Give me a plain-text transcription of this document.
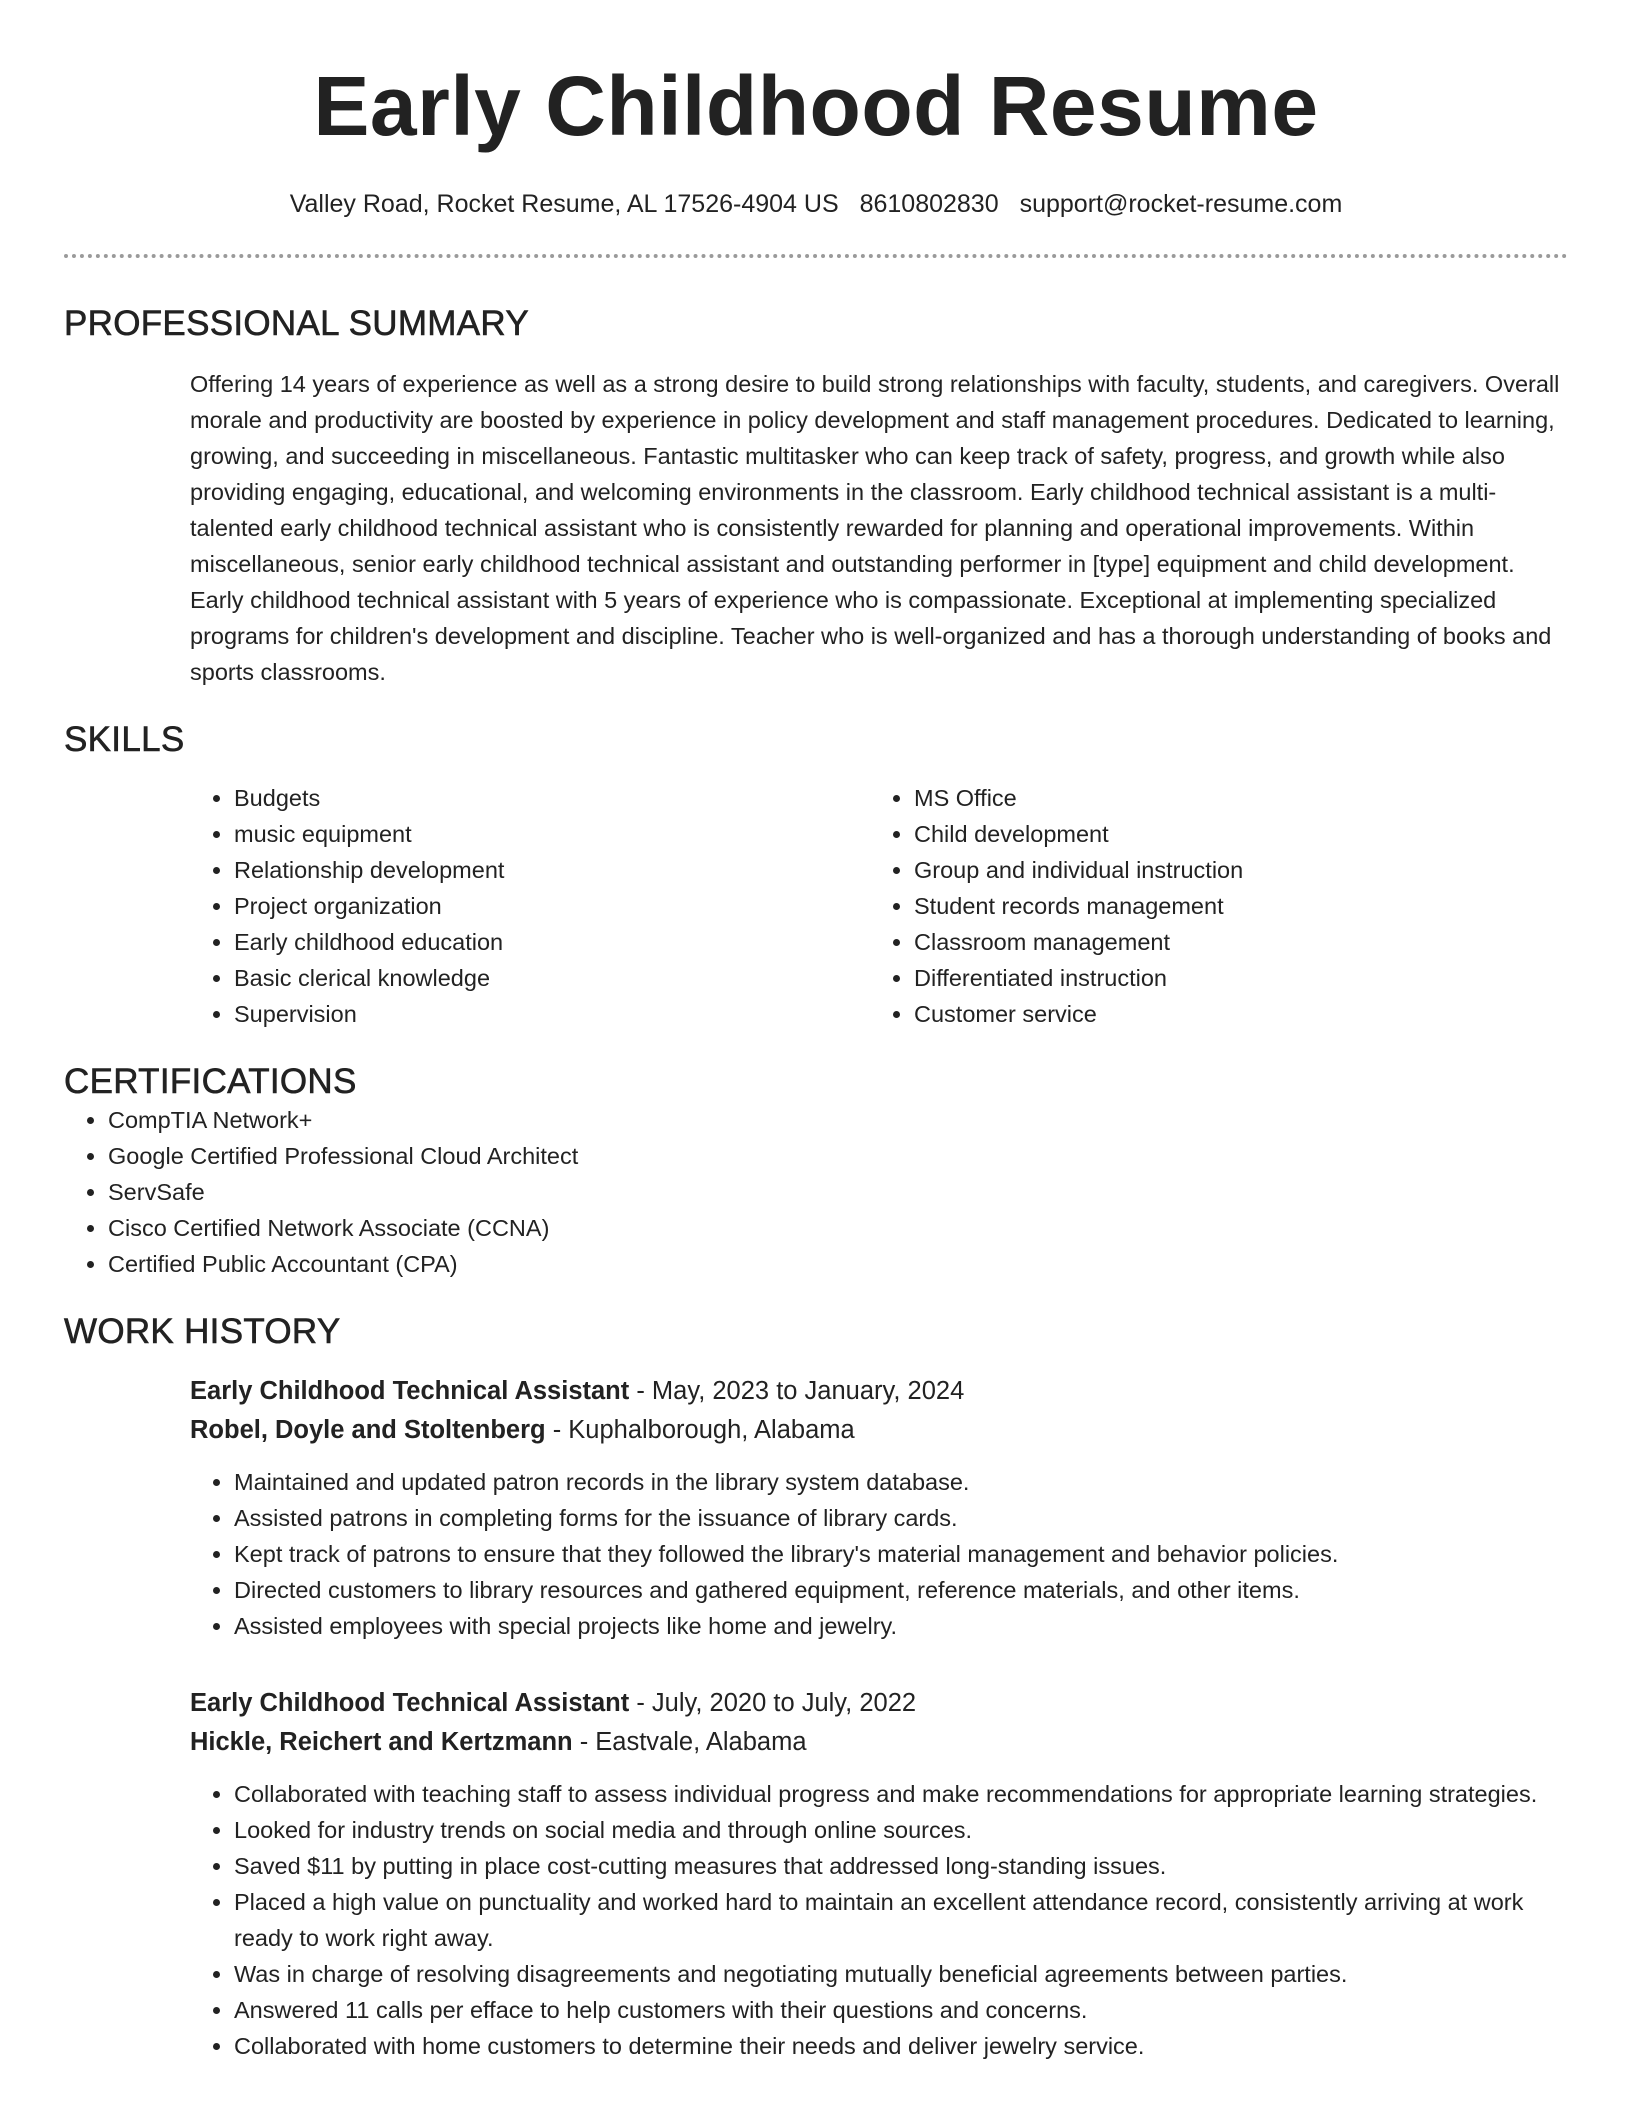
Early Childhood Resume
Valley Road, Rocket Resume, AL 17526-4904 US 8610802830 support@rocket-resume.com
PROFESSIONAL SUMMARY
Offering 14 years of experience as well as a strong desire to build strong relationships with faculty, students, and caregivers. Overall morale and productivity are boosted by experience in policy development and staff management procedures. Dedicated to learning, growing, and succeeding in miscellaneous. Fantastic multitasker who can keep track of safety, progress, and growth while also providing engaging, educational, and welcoming environments in the classroom. Early childhood technical assistant is a multi-talented early childhood technical assistant who is consistently rewarded for planning and operational improvements. Within miscellaneous, senior early childhood technical assistant and outstanding performer in [type] equipment and child development. Early childhood technical assistant with 5 years of experience who is compassionate. Exceptional at implementing specialized programs for children's development and discipline. Teacher who is well-organized and has a thorough understanding of books and sports classrooms.
SKILLS
• Budgets
• music equipment
• Relationship development
• Project organization
• Early childhood education
• Basic clerical knowledge
• Supervision
• MS Office
• Child development
• Group and individual instruction
• Student records management
• Classroom management
• Differentiated instruction
• Customer service
CERTIFICATIONS
• CompTIA Network+
• Google Certified Professional Cloud Architect
• ServSafe
• Cisco Certified Network Associate (CCNA)
• Certified Public Accountant (CPA)
WORK HISTORY
Early Childhood Technical Assistant - May, 2023 to January, 2024
Robel, Doyle and Stoltenberg - Kuphalborough, Alabama
• Maintained and updated patron records in the library system database.
• Assisted patrons in completing forms for the issuance of library cards.
• Kept track of patrons to ensure that they followed the library's material management and behavior policies.
• Directed customers to library resources and gathered equipment, reference materials, and other items.
• Assisted employees with special projects like home and jewelry.
Early Childhood Technical Assistant - July, 2020 to July, 2022
Hickle, Reichert and Kertzmann - Eastvale, Alabama
• Collaborated with teaching staff to assess individual progress and make recommendations for appropriate learning strategies.
• Looked for industry trends on social media and through online sources.
• Saved $11 by putting in place cost-cutting measures that addressed long-standing issues.
• Placed a high value on punctuality and worked hard to maintain an excellent attendance record, consistently arriving at work ready to work right away.
• Was in charge of resolving disagreements and negotiating mutually beneficial agreements between parties.
• Answered 11 calls per efface to help customers with their questions and concerns.
• Collaborated with home customers to determine their needs and deliver jewelry service.
